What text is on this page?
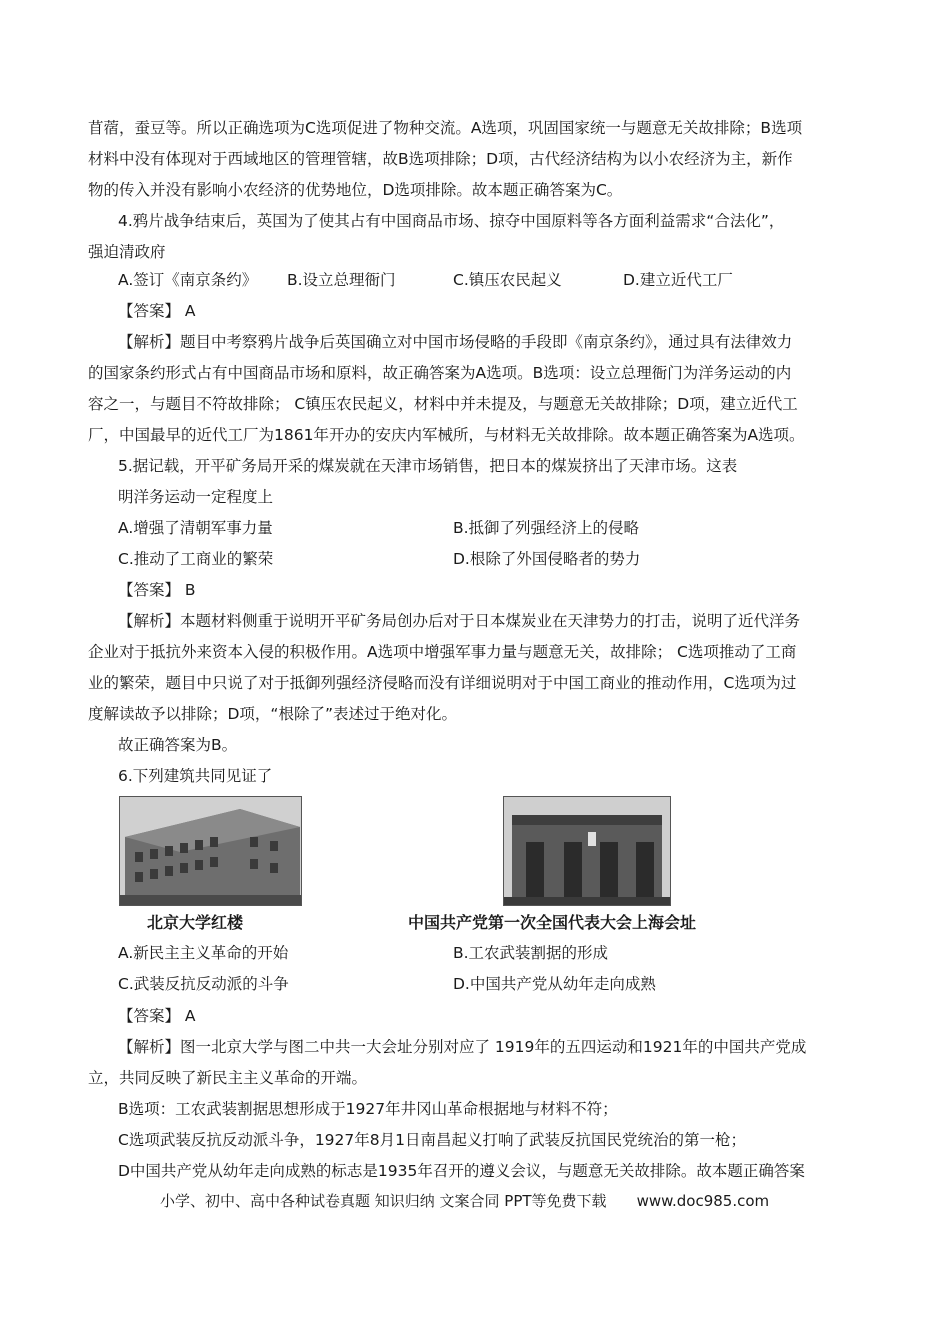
苜蓿，蚕豆等。所以正确选项为C选项促进了物种交流。A选项，巩固国家统一与题意无关故排除；B选项
材料中没有体现对于西域地区的管理管辖，故B选项排除；D项，古代经济结构为以小农经济为主，新作
物的传入并没有影响小农经济的优势地位，D选项排除。故本题正确答案为C。
4.鸦片战争结束后，英国为了使其占有中国商品市场、掠夺中国原料等各方面利益需求“合法化”，
强迫清政府
A.签订《南京条约》 B.设立总理衙门	C.镇压农民起义	D.建立近代工厂
【答案】 A
【解析】题目中考察鸦片战争后英国确立对中国市场侵略的手段即《南京条约》，通过具有法律效力
的国家条约形式占有中国商品市场和原料，故正确答案为A选项。B选项：设立总理衙门为洋务运动的内
容之一，与题目不符故排除； C镇压农民起义，材料中并未提及，与题意无关故排除；D项，建立近代工
厂，中国最早的近代工厂为1861年开办的安庆内军械所，与材料无关故排除。故本题正确答案为A选项。
5.据记载，开平矿务局开采的煤炭就在天津市场销售，把日本的煤炭挤出了天津市场。这表
明洋务运动一定程度上
A.增强了清朝军事力量	B.抵御了列强经济上的侵略
C.推动了工商业的繁荣	D.根除了外国侵略者的势力
【答案】 B
【解析】本题材料侧重于说明开平矿务局创办后对于日本煤炭业在天津势力的打击，说明了近代洋务
企业对于抵抗外来资本入侵的积极作用。A选项中增强军事力量与题意无关，故排除； C选项推动了工商
业的繁荣，题目中只说了对于抵御列强经济侵略而没有详细说明对于中国工商业的推动作用，C选项为过
度解读故予以排除；D项，“根除了”表述过于绝对化。
故正确答案为B。
6.下列建筑共同见证了
北京大学红楼	中国共产党第一次全国代表大会上海会址
A.新民主主义革命的开始	B.工农武装割据的形成
C.武装反抗反动派的斗争	D.中国共产党从幼年走向成熟
【答案】 A
【解析】图一北京大学与图二中共一大会址分别对应了 1919年的五四运动和1921年的中国共产党成
立，共同反映了新民主主义革命的开端。
B选项：工农武装割据思想形成于1927年井冈山革命根据地与材料不符；
C选项武装反抗反动派斗争，1927年8月1日南昌起义打响了武装反抗国民党统治的第一枪；
D中国共产党从幼年走向成熟的标志是1935年召开的遵义会议，与题意无关故排除。故本题正确答案
小学、初中、高中各种试卷真题 知识归纳 文案合同 PPT等免费下载 www.doc985.com
